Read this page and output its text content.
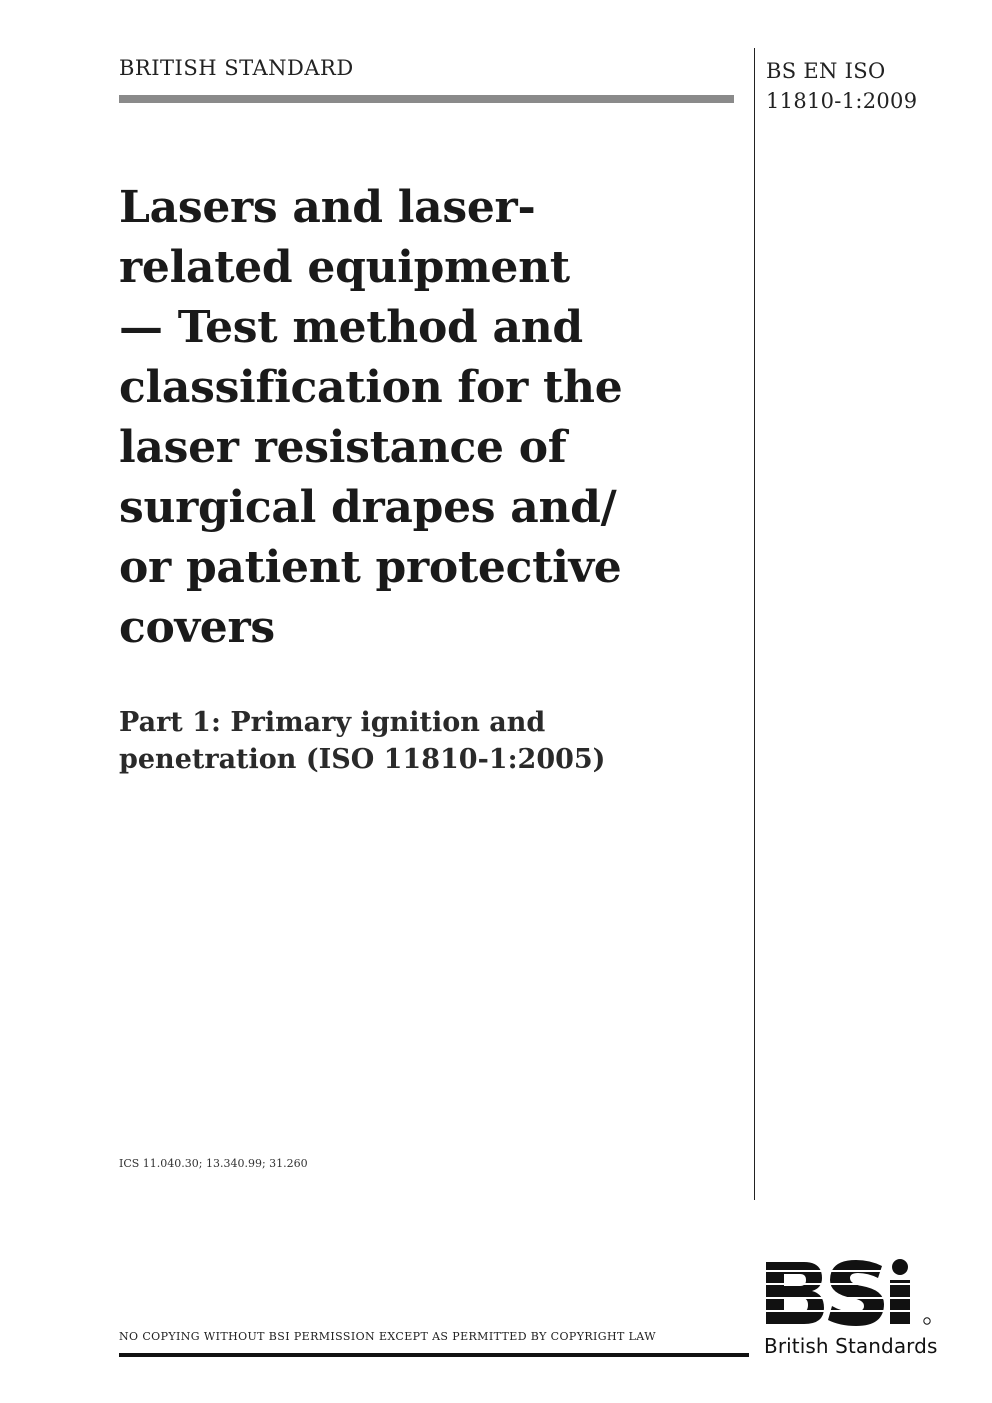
BRITISH STANDARD	BS EN ISO
11810-1:2009
Lasers and laser-
related equipment
— Test method and
classification for the
laser resistance of
surgical drapes and/
or patient protective
covers
Part 1: Primary ignition and
penetration (ISO 11810-1:2005)
ICS 11.040.30; 13.340.99; 31.260
NO COPYING WITHOUT BSI PERMISSION EXCEPT AS PERMITTED BY COPYRIGHT LAW	British Standards
